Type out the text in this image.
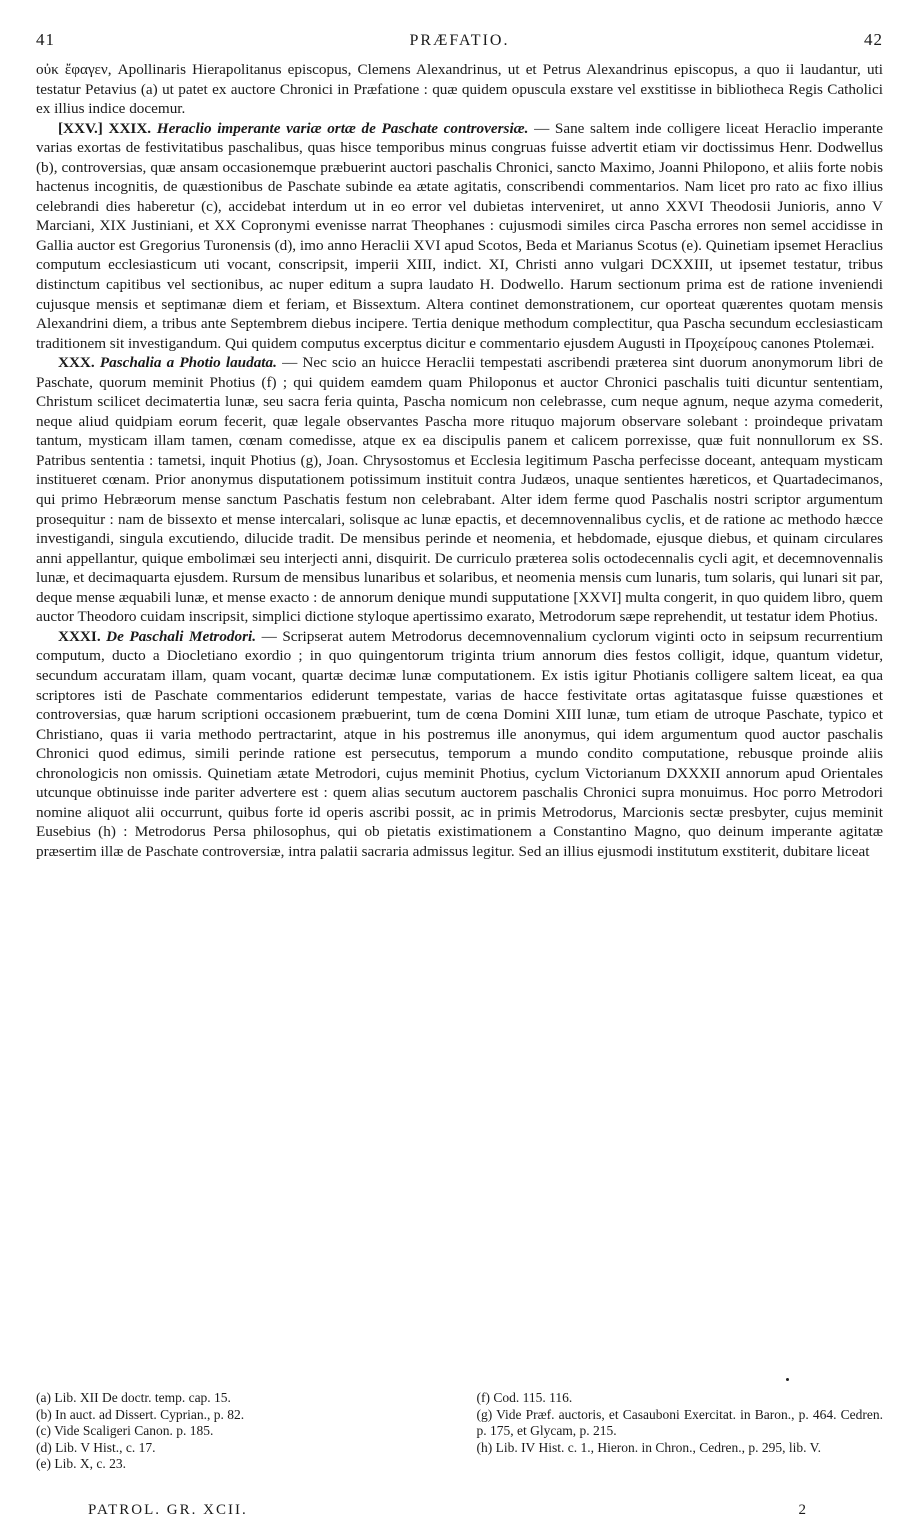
41	PRÆFATIO.	42

οὐκ ἔφαγεν, Apollinaris Hierapolitanus episcopus, Clemens Alexandrinus, ut et Petrus Alexandrinus episcopus, a quo ii laudantur, uti testatur Petavius (a) ut patet ex auctore Chronici in Præfatione : quæ quidem opuscula exstare vel exstitisse in bibliotheca Regis Catholici ex illius indice docemur.

[XXV.] XXIX. Heraclio imperante variæ ortæ de Paschate controversiæ. — Sane saltem inde colligere liceat Heraclio imperante varias exortas de festivitatibus paschalibus, quas hisce temporibus minus congruas fuisse advertit etiam vir doctissimus Henr. Dodwellus (b), controversias, quæ ansam occasionemque præbuerint auctori paschalis Chronici, sancto Maximo, Joanni Philopono, et aliis forte nobis hactenus incognitis, de quæstionibus de Paschate subinde ea ætate agitatis, conscribendi commentarios. Nam licet pro rato ac fixo illius celebrandi dies haberetur (c), accidebat interdum ut in eo error vel dubietas interveniret, ut anno XXVI Theodosii Junioris, anno V Marciani, XIX Justiniani, et XX Copronymi evenisse narrat Theophanes : cujusmodi similes circa Pascha errores non semel accidisse in Gallia auctor est Gregorius Turonensis (d), imo anno Heraclii XVI apud Scotos, Beda et Marianus Scotus (e). Quinetiam ipsemet Heraclius computum ecclesiasticum uti vocant, conscripsit, imperii XIII, indict. XI, Christi anno vulgari DCXXIII, ut ipsemet testatur, tribus distinctum capitibus vel sectionibus, ac nuper editum a supra laudato H. Dodwello. Harum sectionum prima est de ratione inveniendi cujusque mensis et septimanæ diem et feriam, et Bissextum. Altera continet demonstrationem, cur oporteat quærentes quotam mensis Alexandrini diem, a tribus ante Septembrem diebus incipere. Tertia denique methodum complectitur, qua Pascha secundum ecclesiasticam traditionem sit investigandum. Qui quidem computus excerptus dicitur e commentario ejusdem Augusti in Προχείρους canones Ptolemæi.

XXX. Paschalia a Photio laudata. — Nec scio an huicce Heraclii tempestati ascribendi præterea sint duorum anonymorum libri de Paschate, quorum meminit Photius (f) ; qui quidem eamdem quam Philoponus et auctor Chronici paschalis tuiti dicuntur sententiam, Christum scilicet decimatertia lunæ, seu sacra feria quinta, Pascha nomicum non celebrasse, cum neque agnum, neque azyma comederit, neque aliud quidpiam eorum fecerit, quæ legale observantes Pascha more rituquo majorum observare solebant : proindeque privatam tantum, mysticam illam tamen, cœnam comedisse, atque ex ea discipulis panem et calicem porrexisse, quæ fuit nonnullorum ex SS. Patribus sententia : tametsi, inquit Photius (g), Joan. Chrysostomus et Ecclesia legitimum Pascha perfecisse doceant, antequam mysticam institueret cœnam. Prior anonymus disputationem potissimum instituit contra Judæos, unaque sentientes hæreticos, et Quartadecimanos, qui primo Hebræorum mense sanctum Paschatis festum non celebrabant. Alter idem ferme quod Paschalis nostri scriptor argumentum prosequitur : nam de bissexto et mense intercalari, solisque ac lunæ epactis, et decemnovennalibus cyclis, et de ratione ac methodo hæcce investigandi, singula excutiendo, dilucide tradit. De mensibus perinde et neomenia, et hebdomade, ejusque diebus, et quinam circulares anni appellantur, quique embolimæi seu interjecti anni, disquirit. De curriculo præterea solis octodecennalis cycli agit, et decemnovennalis lunæ, et decimaquarta ejusdem. Rursum de mensibus lunaribus et solaribus, et neomenia mensis cum lunaris, tum solaris, qui lunari sit par, deque mense æquabili lunæ, et mense exacto : de annorum denique mundi supputatione [XXVI] multa congerit, in quo quidem libro, quem auctor Theodoro cuidam inscripsit, simplici dictione styloque apertissimo exarato, Metrodorum sæpe reprehendit, ut testatur idem Photius.

XXXI. De Paschali Metrodori. — Scripserat autem Metrodorus decemnovennalium cyclorum viginti octo in seipsum recurrentium computum, ducto a Diocletiano exordio ; in quo quingentorum triginta trium annorum dies festos colligit, idque, quantum videtur, secundum accuratam illam, quam vocant, quartæ decimæ lunæ computationem. Ex istis igitur Photianis colligere saltem liceat, ea qua scriptores isti de Paschate commentarios ediderunt tempestate, varias de hacce festivitate ortas agitatasque fuisse quæstiones et controversias, quæ harum scriptioni occasionem præbuerint, tum de cœna Domini XIII lunæ, tum etiam de utroque Paschate, typico et Christiano, quas ii varia methodo pertractarint, atque in his postremus ille anonymus, qui idem argumentum quod auctor paschalis Chronici quod edimus, simili perinde ratione est persecutus, temporum a mundo condito computatione, rebusque proinde aliis chronologicis non omissis. Quinetiam ætate Metrodori, cujus meminit Photius, cyclum Victorianum DXXXII annorum apud Orientales utcunque obtinuisse inde pariter advertere est : quem alias secutum auctorem paschalis Chronici supra monuimus. Hoc porro Metrodori nomine aliquot alii occurrunt, quibus forte id operis ascribi possit, ac in primis Metrodorus, Marcionis sectæ presbyter, cujus meminit Eusebius (h) : Metrodorus Persa philosophus, qui ob pietatis existimationem a Constantino Magno, quo deinum imperante agitatæ præsertim illæ de Paschate controversiæ, intra palatii sacraria admissus legitur. Sed an illius ejusmodi institutum exstiterit, dubitare liceat

(a) Lib. XII De doctr. temp. cap. 15.

(b) In auct. ad Dissert. Cyprian., p. 82.

(c) Vide Scaligeri Canon. p. 185.

(d) Lib. V Hist., c. 17.

(e) Lib. X, c. 23.

(f) Cod. 115. 116.

(g) Vide Præf. auctoris, et Casauboni Exercitat. in Baron., p. 464. Cedren. p. 175, et Glycam, p. 215.

(h) Lib. IV Hist. c. 1., Hieron. in Chron., Cedren., p. 295, lib. V.

PATROL. GR. XCII.	2
